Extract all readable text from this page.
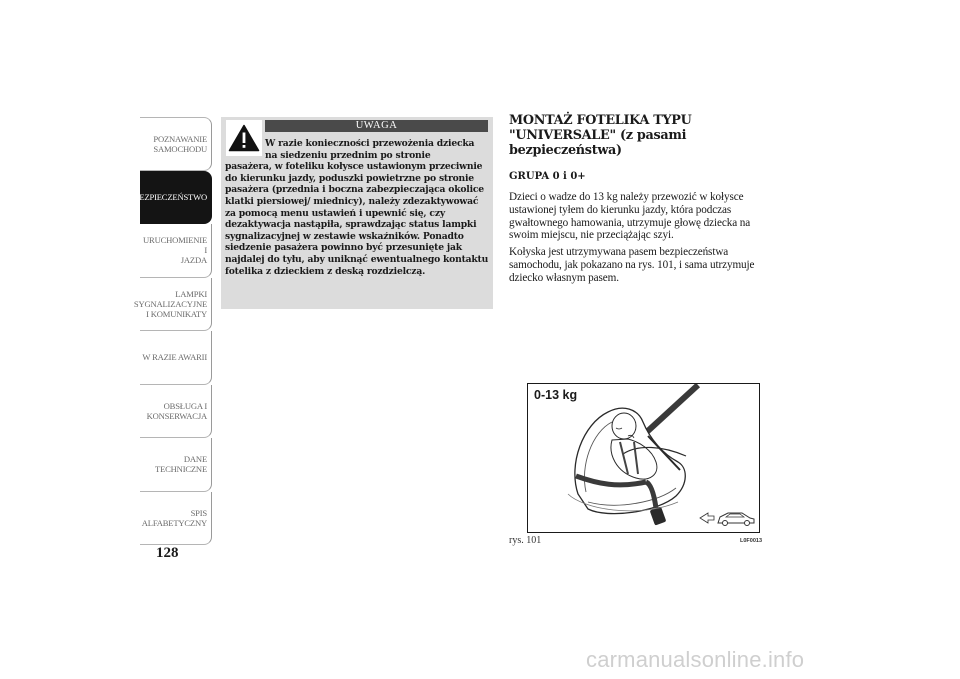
POZNAWANIE
SAMOCHODU
BEZPIECZEŃSTWO
URUCHOMIENIE I
JAZDA
LAMPKI
SYGNALIZACYJNE
I KOMUNIKATY
W RAZIE AWARII
OBSŁUGA I
KONSERWACJA
DANE
TECHNICZNE
SPIS
ALFABETYCZNY
128
UWAGA
W razie konieczności przewożenia dziecka na siedzeniu przednim po stronie
pasażera, w foteliku kołysce ustawionym przeciwnie do kierunku jazdy, poduszki powietrzne po stronie pasażera (przednia i boczna zabezpieczająca okolice klatki piersiowej/ miednicy), należy zdezaktywować za pomocą menu ustawień i upewnić się, czy dezaktywacja nastąpiła, sprawdzając status lampki sygnalizacyjnej w zestawie wskaźników. Ponadto siedzenie pasażera powinno być przesunięte jak najdalej do tyłu, aby uniknąć ewentualnego kontaktu fotelika z dzieckiem z deską rozdzielczą.
MONTAŻ FOTELIKA TYPU "UNIVERSALE" (z pasami bezpieczeństwa)
GRUPA 0 i 0+

Dzieci o wadze do 13 kg należy przewozić w kołysce ustawionej tyłem do kierunku jazdy, która podczas gwałtownego hamowania, utrzymuje głowę dziecka na swoim miejscu, nie przeciążając szyi.

Kołyska jest utrzymywana pasem bezpieczeństwa samochodu, jak pokazano na rys. 101, i sama utrzymuje dziecko własnym pasem.

0-13 kg
rys. 101	L0F0013
carmanualsonline.info
